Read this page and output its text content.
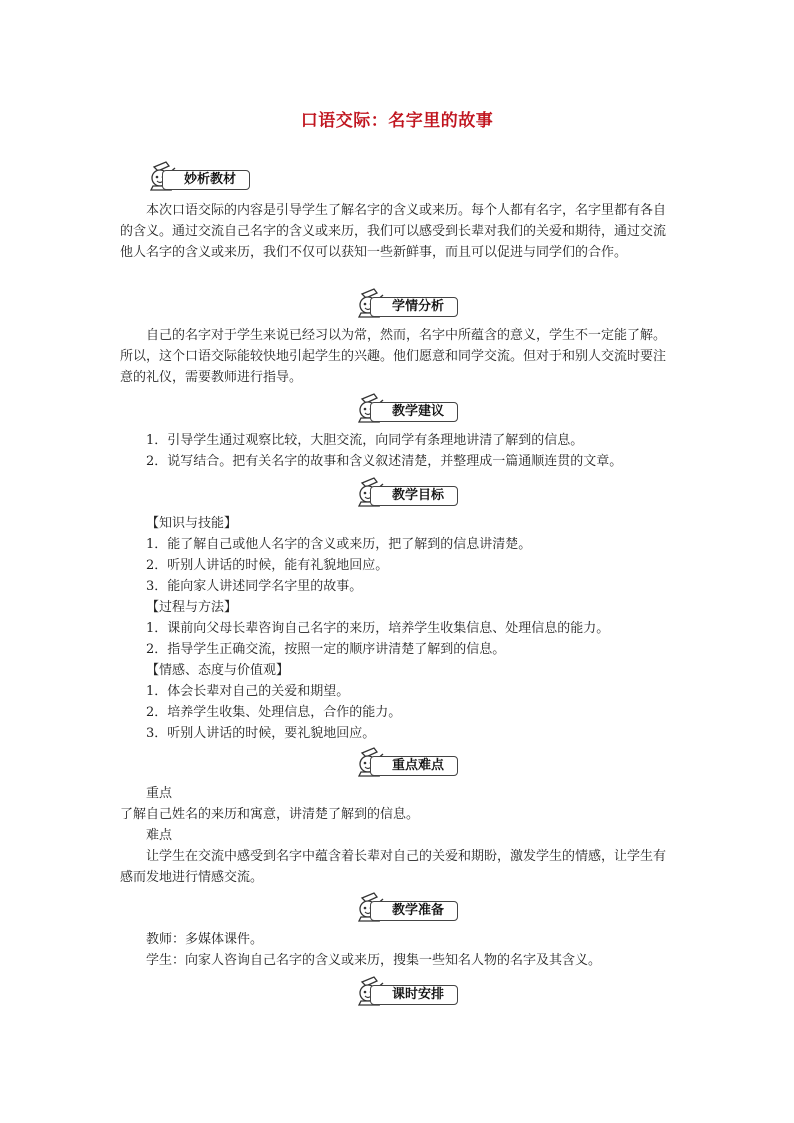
口语交际：名字里的故事
妙析教材

本次口语交际的内容是引导学生了解名字的含义或来历。每个人都有名字，名字里都有各自的含义。通过交流自己名字的含义或来历，我们可以感受到长辈对我们的关爱和期待，通过交流他人名字的含义或来历，我们不仅可以获知一些新鲜事，而且可以促进与同学们的合作。

学情分析

自己的名字对于学生来说已经习以为常，然而，名字中所蕴含的意义，学生不一定能了解。所以，这个口语交际能较快地引起学生的兴趣。他们愿意和同学交流。但对于和别人交流时要注意的礼仪，需要教师进行指导。

教学建议

1．引导学生通过观察比较，大胆交流，向同学有条理地讲清了解到的信息。

2．说写结合。把有关名字的故事和含义叙述清楚，并整理成一篇通顺连贯的文章。

教学目标

【知识与技能】

1．能了解自己或他人名字的含义或来历，把了解到的信息讲清楚。

2．听别人讲话的时候，能有礼貌地回应。

3．能向家人讲述同学名字里的故事。

【过程与方法】

1．课前向父母长辈咨询自己名字的来历，培养学生收集信息、处理信息的能力。

2．指导学生正确交流，按照一定的顺序讲清楚了解到的信息。

【情感、态度与价值观】

1．体会长辈对自己的关爱和期望。

2．培养学生收集、处理信息，合作的能力。

3．听别人讲话的时候，要礼貌地回应。

重点难点

重点

了解自己姓名的来历和寓意，讲清楚了解到的信息。

难点

让学生在交流中感受到名字中蕴含着长辈对自己的关爱和期盼，激发学生的情感，让学生有感而发地进行情感交流。

教学准备

教师：多媒体课件。

学生：向家人咨询自己名字的含义或来历，搜集一些知名人物的名字及其含义。

课时安排
